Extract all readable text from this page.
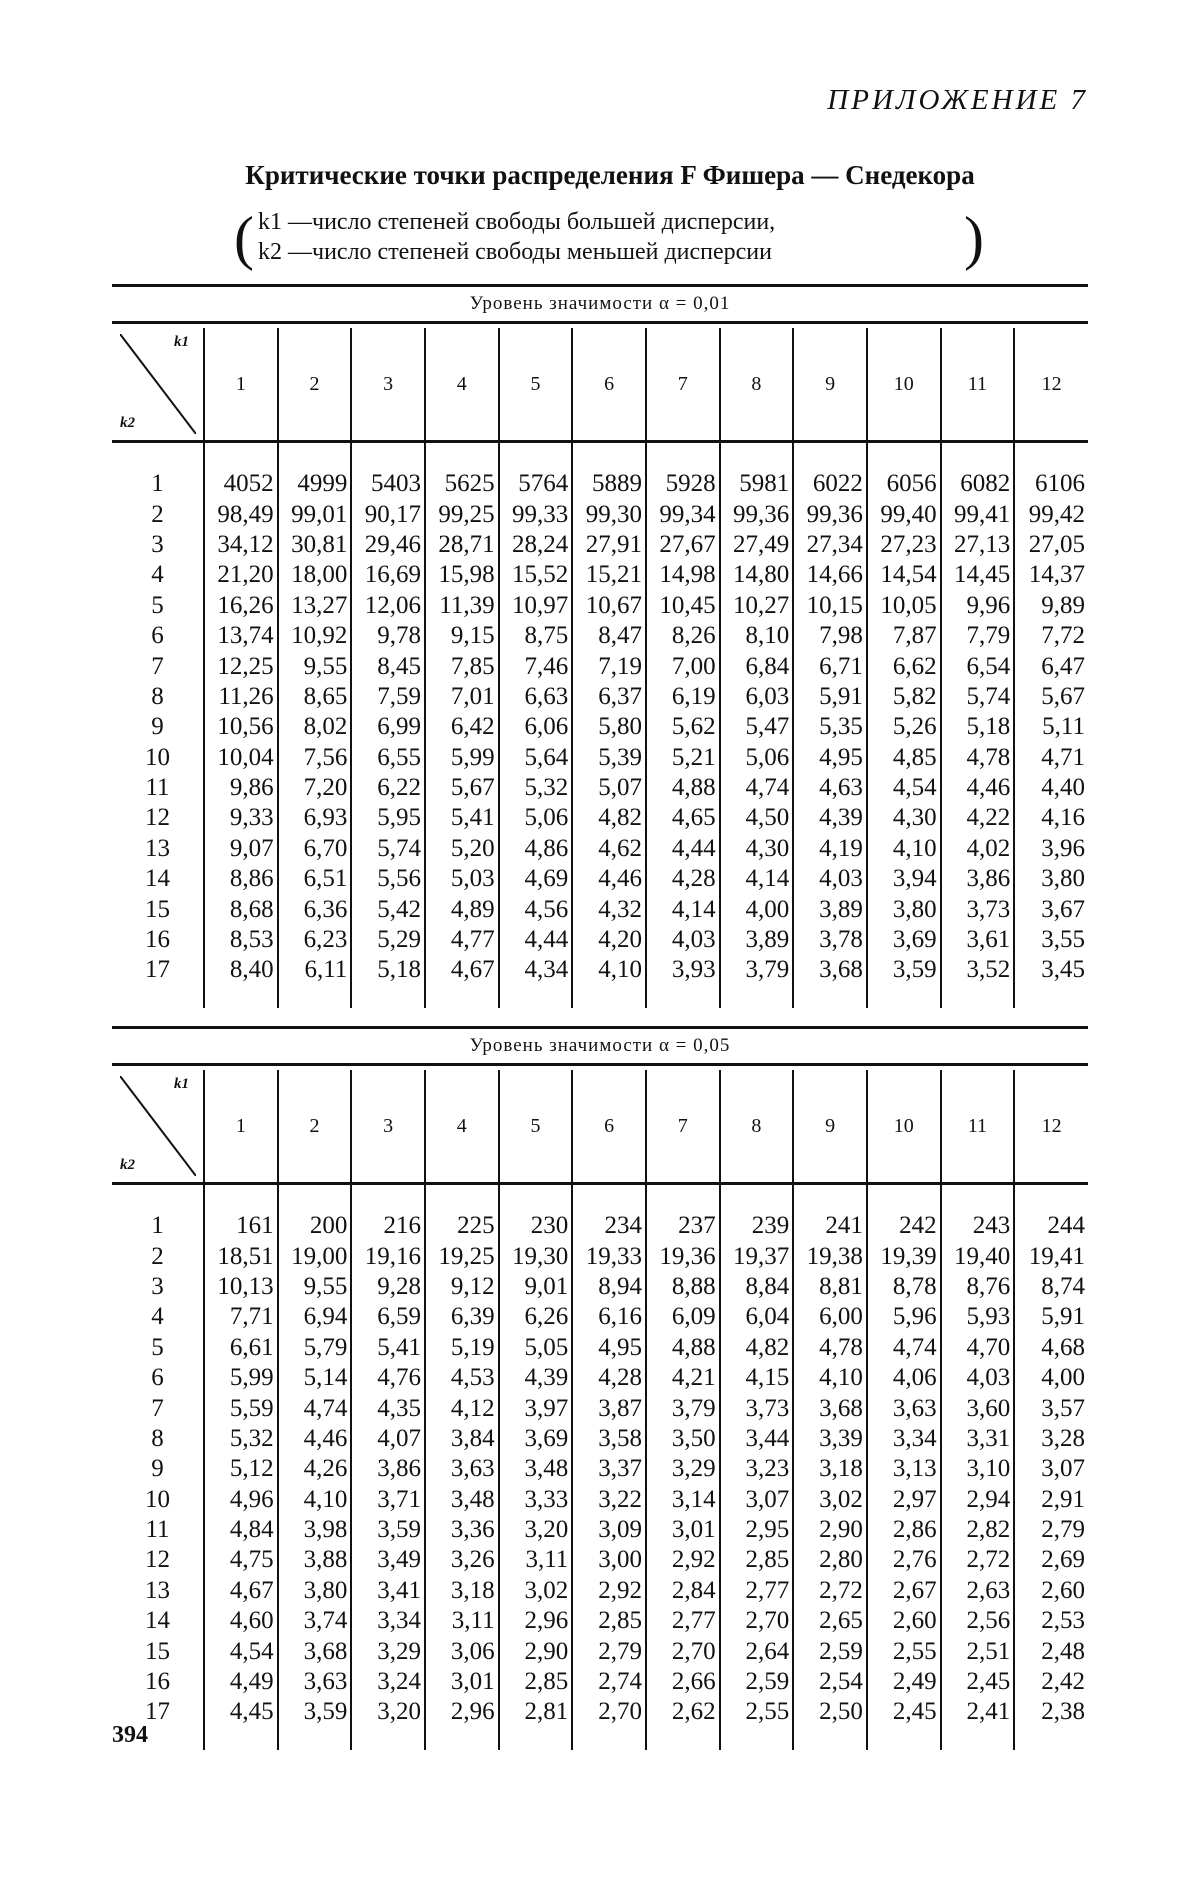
ПРИЛОЖЕНИЕ 7
Критические точки распределения F Фишера — Снедекора
( k1 —число степеней свободы большей дисперсии,
k2 —число степеней свободы меньшей дисперсии	)
Уровень значимости α = 0,01
k1
k2	1	2	3	4	5	6	7	8	9	10	11	12

1	4052	4999	5403	5625	5764	5889	5928	5981	6022	6056	6082	6106
2	98,49	99,01	90,17	99,25	99,33	99,30	99,34	99,36	99,36	99,40	99,41	99,42
3	34,12	30,81	29,46	28,71	28,24	27,91	27,67	27,49	27,34	27,23	27,13	27,05
4	21,20	18,00	16,69	15,98	15,52	15,21	14,98	14,80	14,66	14,54	14,45	14,37
5	16,26	13,27	12,06	11,39	10,97	10,67	10,45	10,27	10,15	10,05	9,96	9,89
6	13,74	10,92	9,78	9,15	8,75	8,47	8,26	8,10	7,98	7,87	7,79	7,72
7	12,25	9,55	8,45	7,85	7,46	7,19	7,00	6,84	6,71	6,62	6,54	6,47
8	11,26	8,65	7,59	7,01	6,63	6,37	6,19	6,03	5,91	5,82	5,74	5,67
9	10,56	8,02	6,99	6,42	6,06	5,80	5,62	5,47	5,35	5,26	5,18	5,11
10	10,04	7,56	6,55	5,99	5,64	5,39	5,21	5,06	4,95	4,85	4,78	4,71
11	9,86	7,20	6,22	5,67	5,32	5,07	4,88	4,74	4,63	4,54	4,46	4,40
12	9,33	6,93	5,95	5,41	5,06	4,82	4,65	4,50	4,39	4,30	4,22	4,16
13	9,07	6,70	5,74	5,20	4,86	4,62	4,44	4,30	4,19	4,10	4,02	3,96
14	8,86	6,51	5,56	5,03	4,69	4,46	4,28	4,14	4,03	3,94	3,86	3,80
15	8,68	6,36	5,42	4,89	4,56	4,32	4,14	4,00	3,89	3,80	3,73	3,67
16	8,53	6,23	5,29	4,77	4,44	4,20	4,03	3,89	3,78	3,69	3,61	3,55
17	8,40	6,11	5,18	4,67	4,34	4,10	3,93	3,79	3,68	3,59	3,52	3,45

Уровень значимости α = 0,05
k1
k2	1	2	3	4	5	6	7	8	9	10	11	12

1	161	200	216	225	230	234	237	239	241	242	243	244
2	18,51	19,00	19,16	19,25	19,30	19,33	19,36	19,37	19,38	19,39	19,40	19,41
3	10,13	9,55	9,28	9,12	9,01	8,94	8,88	8,84	8,81	8,78	8,76	8,74
4	7,71	6,94	6,59	6,39	6,26	6,16	6,09	6,04	6,00	5,96	5,93	5,91
5	6,61	5,79	5,41	5,19	5,05	4,95	4,88	4,82	4,78	4,74	4,70	4,68
6	5,99	5,14	4,76	4,53	4,39	4,28	4,21	4,15	4,10	4,06	4,03	4,00
7	5,59	4,74	4,35	4,12	3,97	3,87	3,79	3,73	3,68	3,63	3,60	3,57
8	5,32	4,46	4,07	3,84	3,69	3,58	3,50	3,44	3,39	3,34	3,31	3,28
9	5,12	4,26	3,86	3,63	3,48	3,37	3,29	3,23	3,18	3,13	3,10	3,07
10	4,96	4,10	3,71	3,48	3,33	3,22	3,14	3,07	3,02	2,97	2,94	2,91
11	4,84	3,98	3,59	3,36	3,20	3,09	3,01	2,95	2,90	2,86	2,82	2,79
12	4,75	3,88	3,49	3,26	3,11	3,00	2,92	2,85	2,80	2,76	2,72	2,69
13	4,67	3,80	3,41	3,18	3,02	2,92	2,84	2,77	2,72	2,67	2,63	2,60
14	4,60	3,74	3,34	3,11	2,96	2,85	2,77	2,70	2,65	2,60	2,56	2,53
15	4,54	3,68	3,29	3,06	2,90	2,79	2,70	2,64	2,59	2,55	2,51	2,48
16	4,49	3,63	3,24	3,01	2,85	2,74	2,66	2,59	2,54	2,49	2,45	2,42
17	4,45	3,59	3,20	2,96	2,81	2,70	2,62	2,55	2,50	2,45	2,41	2,38

394
